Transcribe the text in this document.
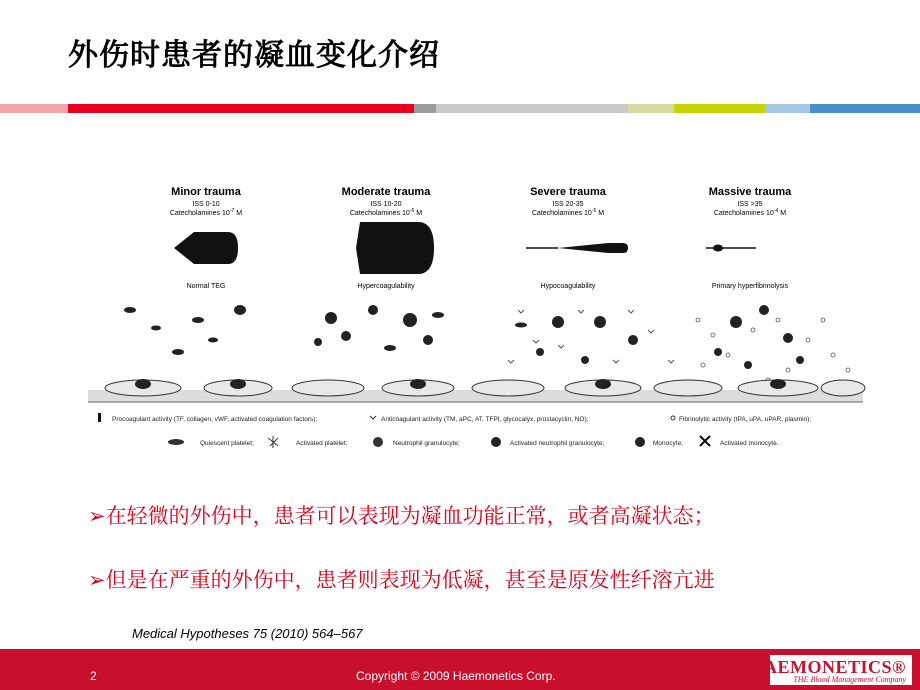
外伤时患者的凝血变化介绍
Minor trauma
ISS 0-10
Catecholamines $10^{-7}$ M
Normal TEG
Moderate trauma
ISS 10-20
Catecholamines $10^{-6}$ M
Hypercoagulability
Severe trauma
ISS 20-35
Catecholamines $10^{-5}$ M
Hypocoagulability
Massive trauma
ISS >35
Catecholamines $10^{-4}$ M
Primary hyperfibrinolysis
Procoagulant activity (TF, collagen, vWF, activated coagulation factors);	Anticoagulant activity (TM, aPC, AT, TFPI, glycocalyx, prostacyclin, NO);	Fibrinolytic activity (tPA, uPA, uPAR, plasmin);
Quiescent platelet;	Activated platelet;	Neutrophil granulocyte;	Activated neutrophil granulocyte;	Monocyte;	Activated monocyte.
➢在轻微的外伤中，患者可以表现为凝血功能正常，或者高凝状态；
➢但是在严重的外伤中，患者则表现为低凝，甚至是原发性纤溶亢进
Medical Hypotheses 75 (2010) 564–567
2	Copyright © 2009 Haemonetics Corp.	HAEMONETICS®
THE Blood Management Company
